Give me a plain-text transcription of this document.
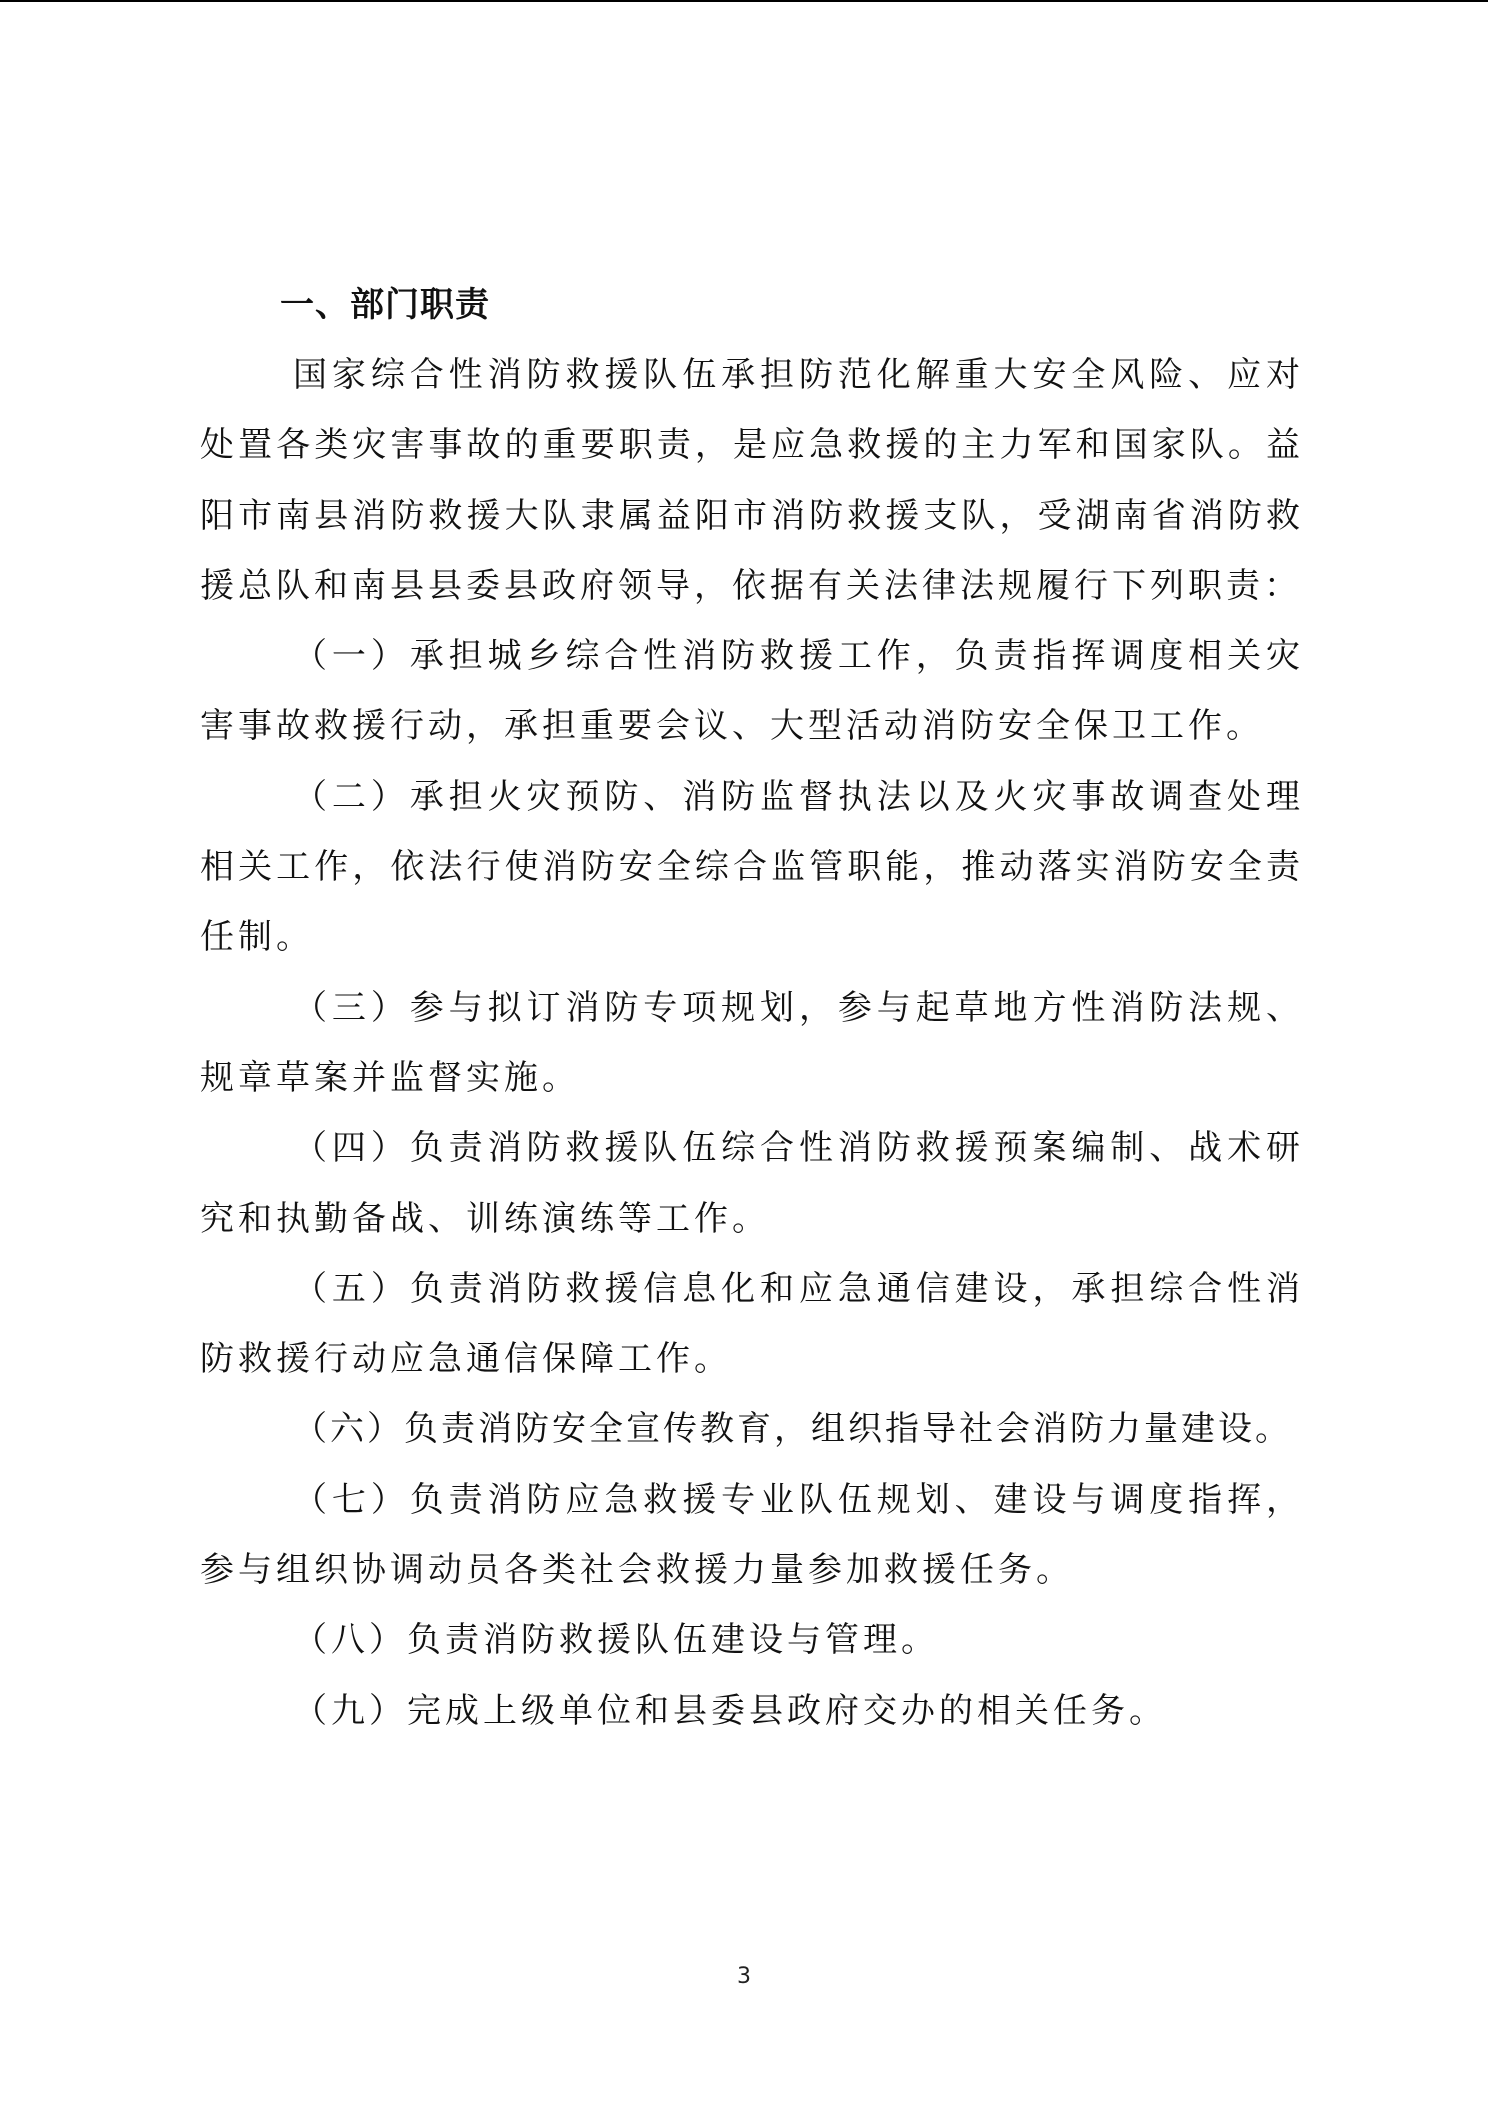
一、部门职责

国家综合性消防救援队伍承担防范化解重大安全风险、应对处置各类灾害事故的重要职责，是应急救援的主力军和国家队。益阳市南县消防救援大队隶属益阳市消防救援支队，受湖南省消防救援总队和南县县委县政府领导，依据有关法律法规履行下列职责：

（一）承担城乡综合性消防救援工作，负责指挥调度相关灾害事故救援行动，承担重要会议、大型活动消防安全保卫工作。

（二）承担火灾预防、消防监督执法以及火灾事故调查处理相关工作，依法行使消防安全综合监管职能，推动落实消防安全责任制。

（三）参与拟订消防专项规划，参与起草地方性消防法规、规章草案并监督实施。

（四）负责消防救援队伍综合性消防救援预案编制、战术研究和执勤备战、训练演练等工作。

（五）负责消防救援信息化和应急通信建设，承担综合性消防救援行动应急通信保障工作。

（六）负责消防安全宣传教育，组织指导社会消防力量建设。

（七）负责消防应急救援专业队伍规划、建设与调度指挥，参与组织协调动员各类社会救援力量参加救援任务。

（八）负责消防救援队伍建设与管理。

（九）完成上级单位和县委县政府交办的相关任务。

3
